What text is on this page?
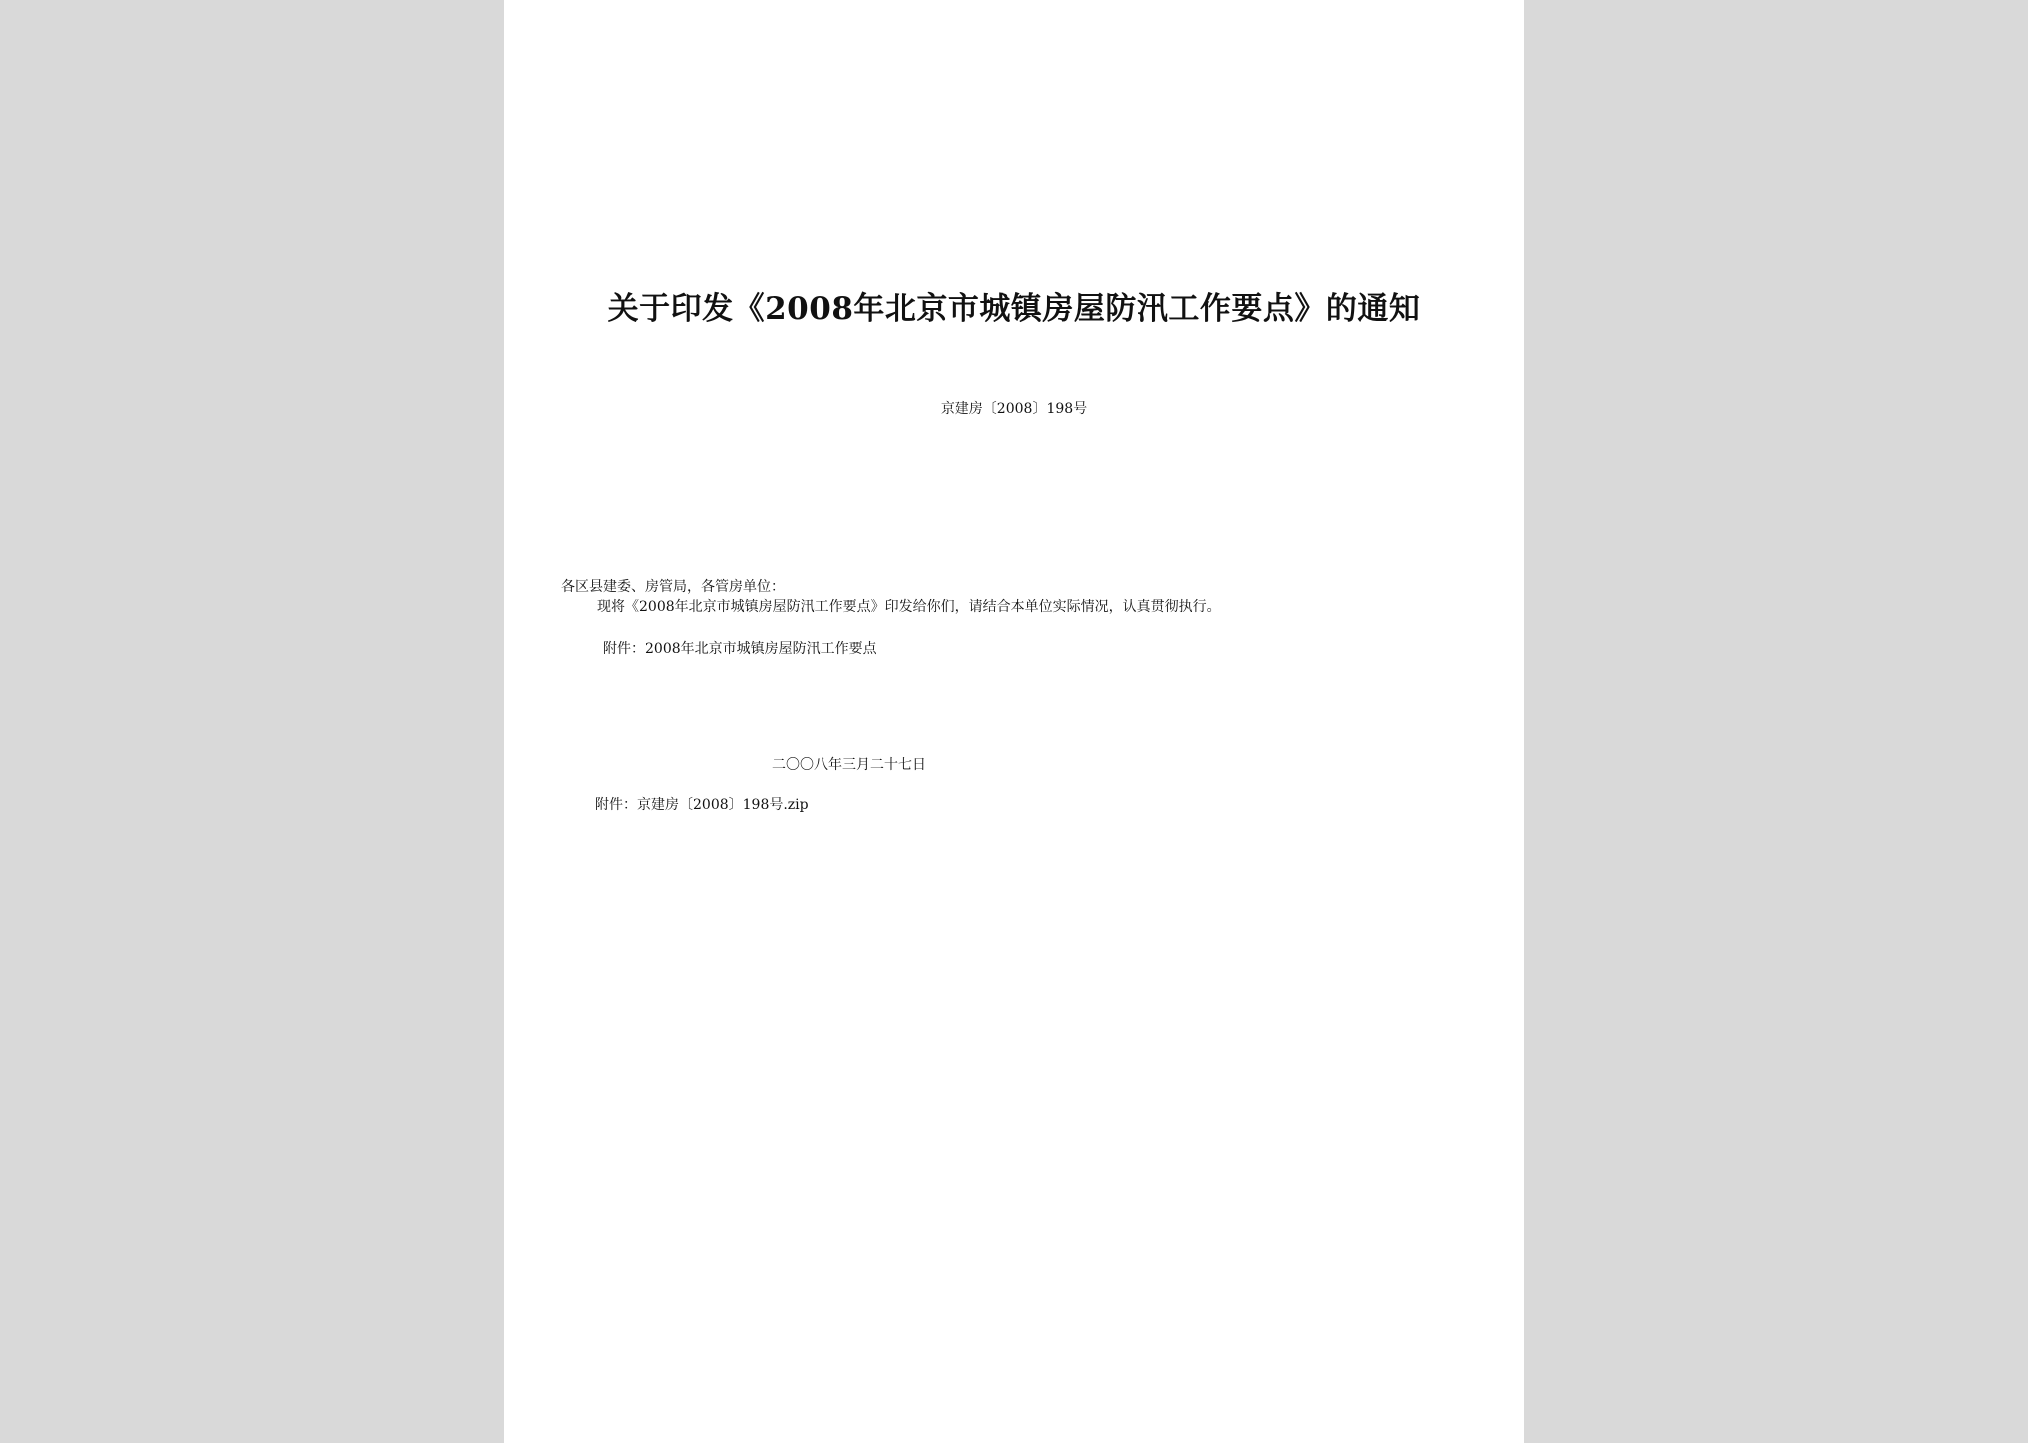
关于印发《2008年北京市城镇房屋防汛工作要点》的通知
京建房〔2008〕198号
各区县建委、房管局，各管房单位：
现将《2008年北京市城镇房屋防汛工作要点》印发给你们，请结合本单位实际情况，认真贯彻执行。
附件：2008年北京市城镇房屋防汛工作要点
二〇〇八年三月二十七日
附件：京建房〔2008〕198号.zip
